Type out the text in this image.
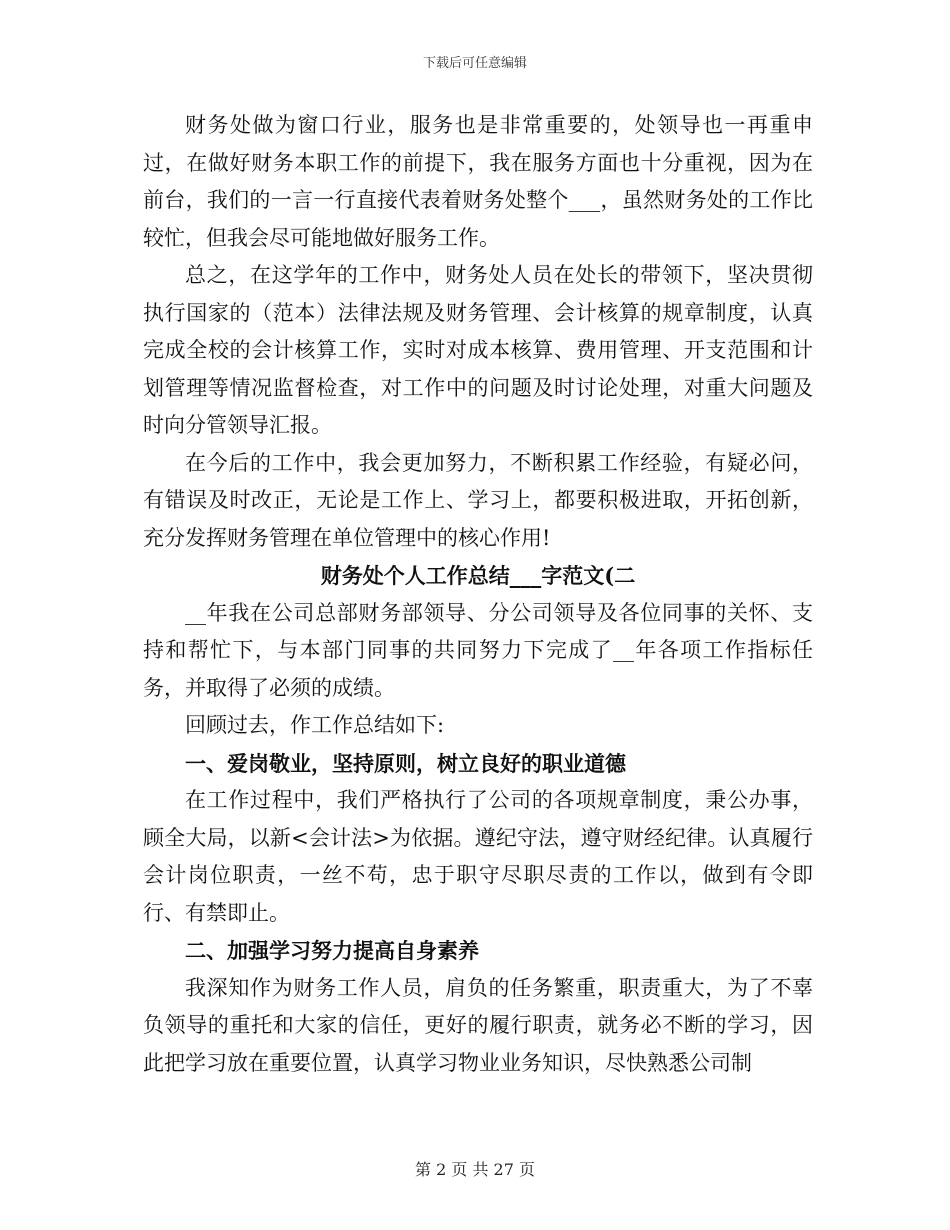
下载后可任意编辑

财务处做为窗口行业，服务也是非常重要的，处领导也一再重申过，在做好财务本职工作的前提下，我在服务方面也十分重视，因为在前台，我们的一言一行直接代表着财务处整个___，虽然财务处的工作比较忙，但我会尽可能地做好服务工作。

总之，在这学年的工作中，财务处人员在处长的带领下，坚决贯彻执行国家的（范本）法律法规及财务管理、会计核算的规章制度，认真完成全校的会计核算工作，实时对成本核算、费用管理、开支范围和计划管理等情况监督检查，对工作中的问题及时讨论处理，对重大问题及时向分管领导汇报。

在今后的工作中，我会更加努力，不断积累工作经验，有疑必问，有错误及时改正，无论是工作上、学习上，都要积极进取，开拓创新，充分发挥财务管理在单位管理中的核心作用!

财务处个人工作总结___字范文(二

__年我在公司总部财务部领导、分公司领导及各位同事的关怀、支持和帮忙下，与本部门同事的共同努力下完成了__年各项工作指标任务，并取得了必须的成绩。

回顾过去，作工作总结如下:

一、爱岗敬业，坚持原则，树立良好的职业道德

在工作过程中，我们严格执行了公司的各项规章制度，秉公办事，顾全大局，以新<会计法>为依据。遵纪守法，遵守财经纪律。认真履行会计岗位职责，一丝不苟，忠于职守尽职尽责的工作以，做到有令即行、有禁即止。

二、加强学习努力提高自身素养

我深知作为财务工作人员，肩负的任务繁重，职责重大，为了不辜负领导的重托和大家的信任，更好的履行职责，就务必不断的学习，因此把学习放在重要位置，认真学习物业业务知识，尽快熟悉公司制

第 2 页 共 27 页
